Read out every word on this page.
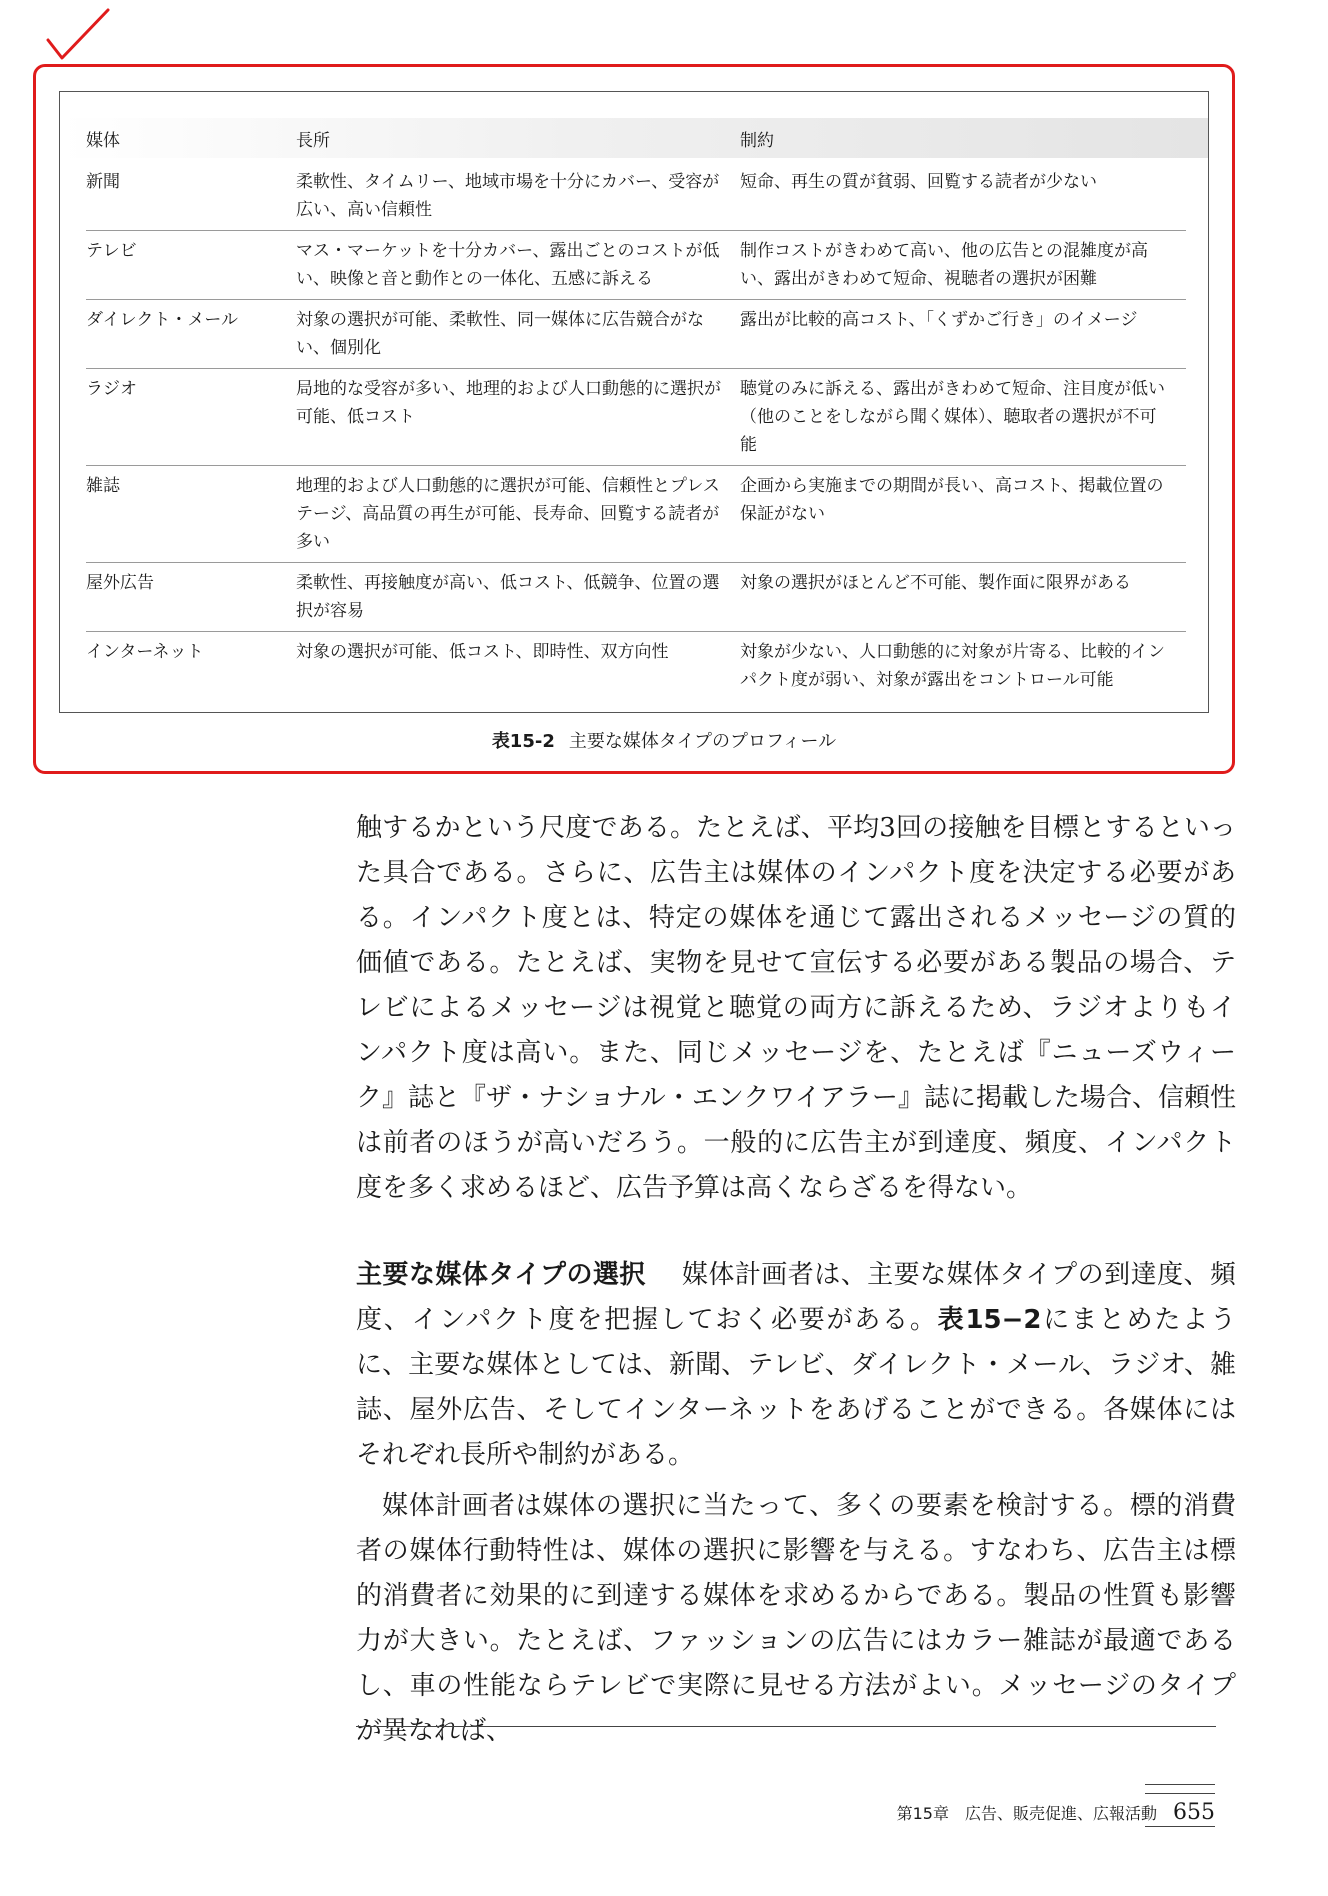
媒体	長所	制約
新聞	柔軟性、タイムリー、地域市場を十分にカバー、受容が広い、高い信頼性	短命、再生の質が貧弱、回覧する読者が少ない
テレビ	マス・マーケットを十分カバー、露出ごとのコストが低い、映像と音と動作との一体化、五感に訴える	制作コストがきわめて高い、他の広告との混雑度が高い、露出がきわめて短命、視聴者の選択が困難
ダイレクト・メール	対象の選択が可能、柔軟性、同一媒体に広告競合がない、個別化	露出が比較的高コスト、「くずかご行き」のイメージ
ラジオ	局地的な受容が多い、地理的および人口動態的に選択が可能、低コスト	聴覚のみに訴える、露出がきわめて短命、注目度が低い（他のことをしながら聞く媒体）、聴取者の選択が不可能
雑誌	地理的および人口動態的に選択が可能、信頼性とプレステージ、高品質の再生が可能、長寿命、回覧する読者が多い	企画から実施までの期間が長い、高コスト、掲載位置の保証がない
屋外広告	柔軟性、再接触度が高い、低コスト、低競争、位置の選択が容易	対象の選択がほとんど不可能、製作面に限界がある
インターネット	対象の選択が可能、低コスト、即時性、双方向性	対象が少ない、人口動態的に対象が片寄る、比較的インパクト度が弱い、対象が露出をコントロール可能
表15-2 主要な媒体タイプのプロフィール

触するかという尺度である。たとえば、平均3回の接触を目標とするといった具合である。さらに、広告主は媒体のインパクト度を決定する必要がある。インパクト度とは、特定の媒体を通じて露出されるメッセージの質的価値である。たとえば、実物を見せて宣伝する必要がある製品の場合、テレビによるメッセージは視覚と聴覚の両方に訴えるため、ラジオよりもインパクト度は高い。また、同じメッセージを、たとえば『ニューズウィーク』誌と『ザ・ナショナル・エンクワイアラー』誌に掲載した場合、信頼性は前者のほうが高いだろう。一般的に広告主が到達度、頻度、インパクト度を多く求めるほど、広告予算は高くならざるを得ない。

主要な媒体タイプの選択 媒体計画者は、主要な媒体タイプの到達度、頻度、インパクト度を把握しておく必要がある。表15−2にまとめたように、主要な媒体としては、新聞、テレビ、ダイレクト・メール、ラジオ、雑誌、屋外広告、そしてインターネットをあげることができる。各媒体にはそれぞれ長所や制約がある。

媒体計画者は媒体の選択に当たって、多くの要素を検討する。標的消費者の媒体行動特性は、媒体の選択に影響を与える。すなわち、広告主は標的消費者に効果的に到達する媒体を求めるからである。製品の性質も影響力が大きい。たとえば、ファッションの広告にはカラー雑誌が最適であるし、車の性能ならテレビで実際に見せる方法がよい。メッセージのタイプが異なれば、

第15章　広告、販売促進、広報活動 655
